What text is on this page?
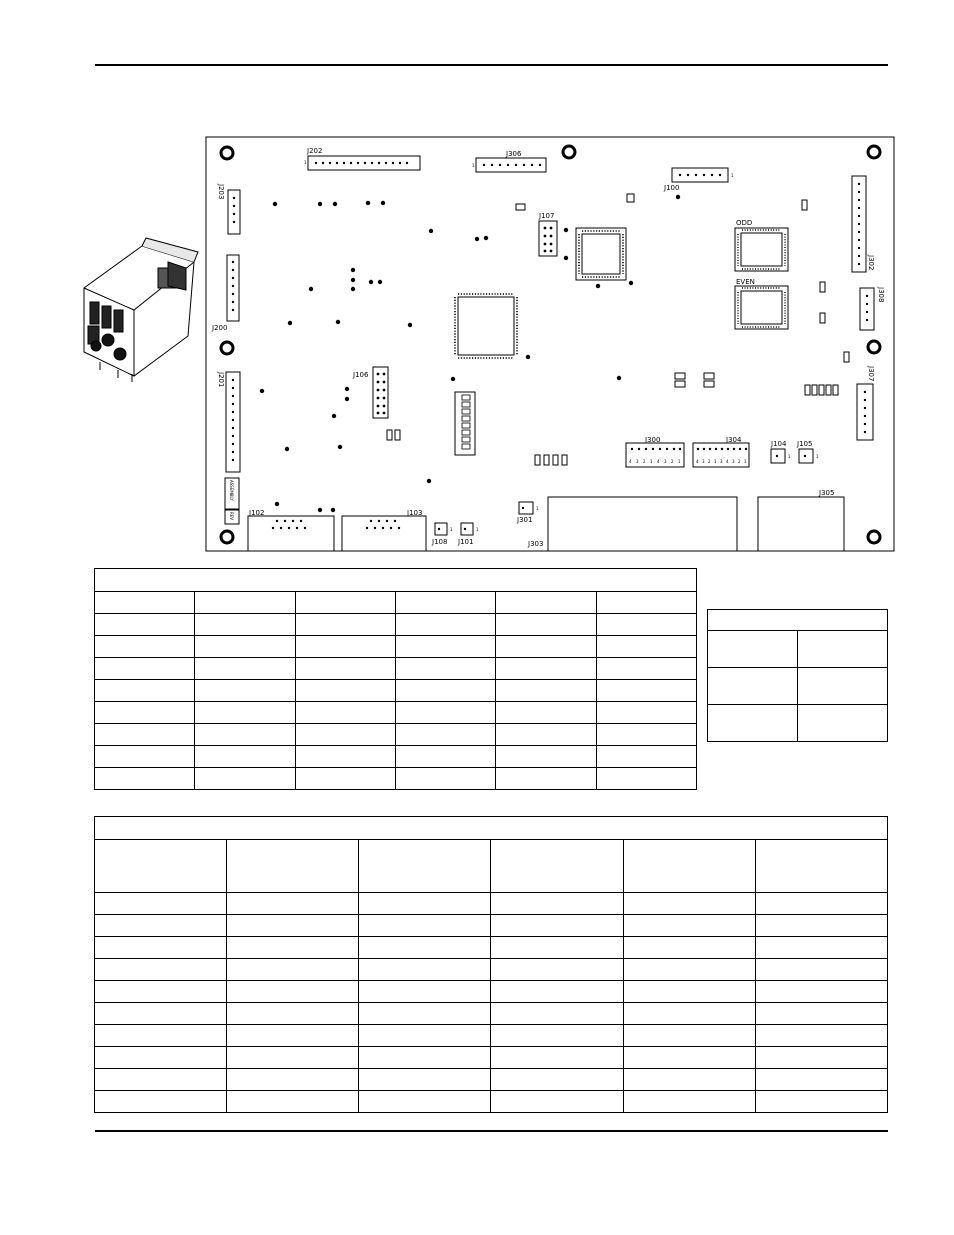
J202	J306
J100
J203
J302
J107
ODD
EVEN
J200
J308
J201	J106	J307
J300	J304	J104 J105
J305
J102	J103
J301
J108 J101	J303
1
1
1
1
1	1
1	1
4 3 2 1 4 3 2 1	4 3 2 1 3 4 3 2 1
ASSEMBLY
REV
